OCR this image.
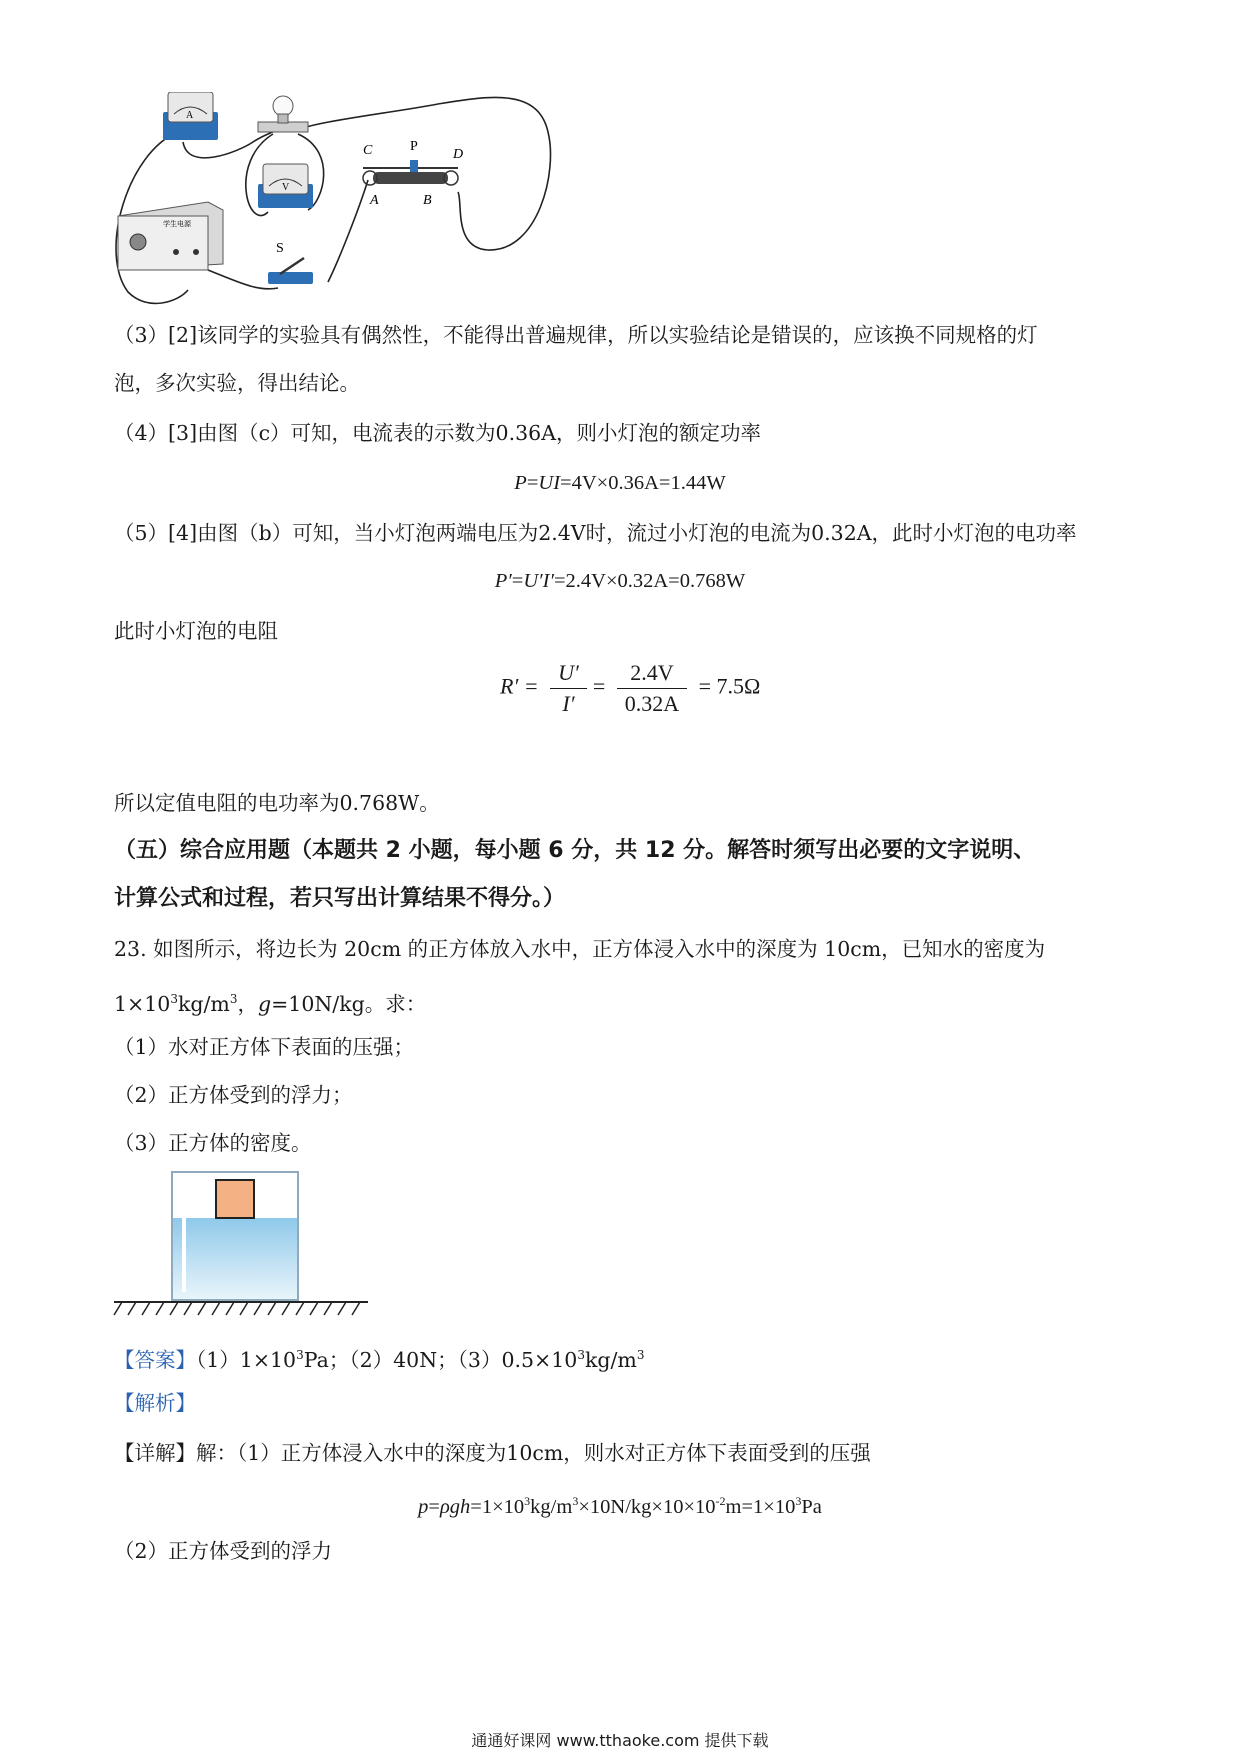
A
V
C	P
D
A	B
学生电源
S
（3）[2]该同学的实验具有偶然性，不能得出普遍规律，所以实验结论是错误的，应该换不同规格的灯
泡，多次实验，得出结论。
（4）[3]由图（c）可知，电流表的示数为0.36A，则小灯泡的额定功率
P=UI=4V×0.36A=1.44W
（5）[4]由图（b）可知，当小灯泡两端电压为2.4V时，流过小灯泡的电流为0.32A，此时小灯泡的电功率
P′=U′I′=2.4V×0.32A=0.768W
此时小灯泡的电阻
$R' = \frac{U'}{I'} = \frac{2.4V}{0.32A} = 7.5\Omega$
所以定值电阻的电功率为0.768W。
（五）综合应用题（本题共 2 小题，每小题 6 分，共 12 分。解答时须写出必要的文字说明、
计算公式和过程，若只写出计算结果不得分。）
23. 如图所示，将边长为 20cm 的正方体放入水中，正方体浸入水中的深度为 10cm，已知水的密度为
$1\times 10^3kg/m^3$，g=10N/kg。求：
（1）水对正方体下表面的压强；
（2）正方体受到的浮力；
（3）正方体的密度。
【答案】$(1)1\times 10^3Pa$；（2）40N；$(3)0.5\times 10^3kg/m^3$
【解析】
【详解】解：（1）正方体浸入水中的深度为10cm，则水对正方体下表面受到的压强
$p=\rho gh=1\times 10^3kg/m^3\times 10N/kg\times 10\times 10^{-2}m=1\times 10^3Pa$
（2）正方体受到的浮力
通通好课网 www.tthaoke.com 提供下载
